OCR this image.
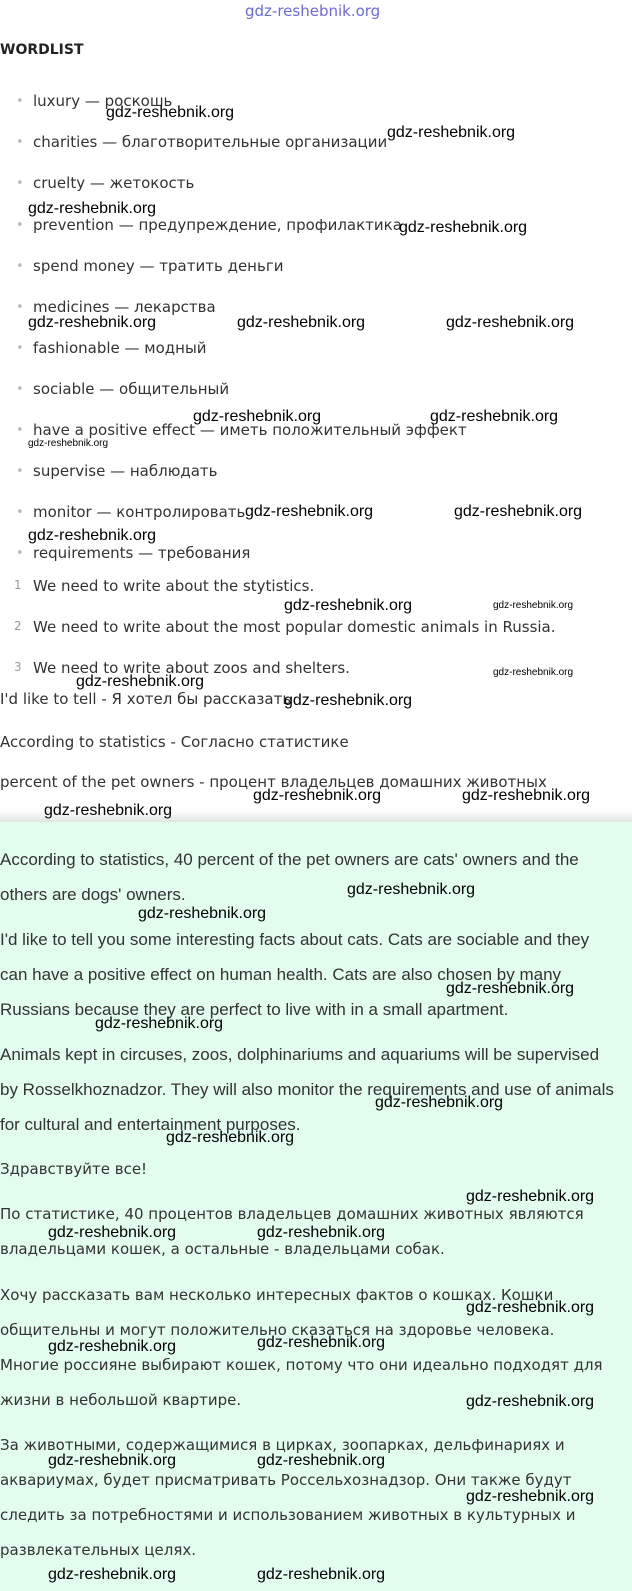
gdz-reshebnik.org
WORDLIST
• luxury — роскошь
• charities — благотворительные организации
• cruelty — жетокость
• prevention — предупреждение, профилактика
• spend money — тратить деньги
• medicines — лекарства
• fashionable — модный
• sociable — общительный
• have a positive effect — иметь положительный эффект
• supervise — наблюдать
• monitor — контролировать
• requirements — требования
1 We need to write about the stytistics.
2 We need to write about the most popular domestic animals in Russia.
3 We need to write about zoos and shelters.
I'd like to tell - Я хотел бы рассказать
According to statistics - Согласно статистике
percent of the pet owners - процент владельцев домашних животных

According to statistics, 40 percent of the pet owners are cats' owners and the others are dogs' owners.

I'd like to tell you some interesting facts about cats. Cats are sociable and they can have a positive effect on human health. Cats are also chosen by many Russians because they are perfect to live with in a small apartment.

Animals kept in circuses, zoos, dolphinariums and aquariums will be supervised by Rosselkhoznadzor. They will also monitor the requirements and use of animals for cultural and entertainment purposes.

Здравствуйте все!

По статистике, 40 процентов владельцев домашних животных являются владельцами кошек, а остальные - владельцами собак.

Хочу рассказать вам несколько интересных фактов о кошках. Кошки общительны и могут положительно сказаться на здоровье человека. Многие россияне выбирают кошек, потому что они идеально подходят для жизни в небольшой квартире.

За животными, содержащимися в цирках, зоопарках, дельфинариях и аквариумах, будет присматривать Россельхознадзор. Они также будут следить за потребностями и использованием животных в культурных и развлекательных целях.

gdz-reshebnik.org
gdz-reshebnik.org
gdz-reshebnik.org
gdz-reshebnik.org
gdz-reshebnik.org	gdz-reshebnik.org	gdz-reshebnik.org
gdz-reshebnik.org	gdz-reshebnik.org
gdz-reshebnik.org
gdz-reshebnik.org	gdz-reshebnik.org
gdz-reshebnik.org
gdz-reshebnik.org	gdz-reshebnik.org
gdz-reshebnik.org
gdz-reshebnik.org
gdz-reshebnik.org
gdz-reshebnik.org	gdz-reshebnik.org
gdz-reshebnik.org
gdz-reshebnik.org
gdz-reshebnik.org
gdz-reshebnik.org
gdz-reshebnik.org
gdz-reshebnik.org
gdz-reshebnik.org
gdz-reshebnik.org
gdz-reshebnik.org	gdz-reshebnik.org
gdz-reshebnik.org
gdz-reshebnik.org
gdz-reshebnik.org
gdz-reshebnik.org
gdz-reshebnik.org	gdz-reshebnik.org
gdz-reshebnik.org
gdz-reshebnik.org	gdz-reshebnik.org
